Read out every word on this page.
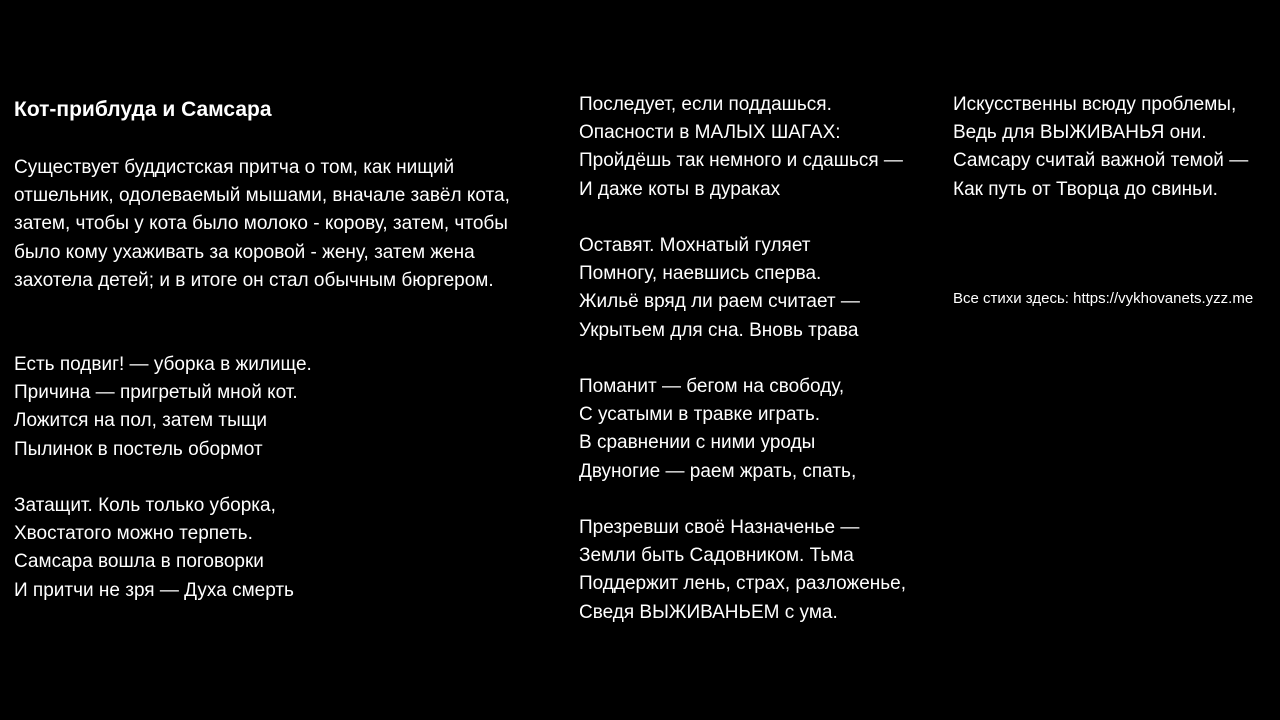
Кот-приблуда и Самсара
Существует буддистская притча о том, как нищий
отшельник, одолеваемый мышами, вначале завёл кота,
затем, чтобы у кота было молоко - корову, затем, чтобы
было кому ухаживать за коровой - жену, затем жена
захотела детей; и в итоге он стал обычным бюргером.
Есть подвиг! — уборка в жилище.
Причина — пригретый мной кот.
Ложится на пол, затем тыщи
Пылинок в постель обормот
Затащит. Коль только уборка,
Хвостатого можно терпеть.
Самсара вошла в поговорки
И притчи не зря — Духа смерть
Последует, если поддашься.
Опасности в МАЛЫХ ШАГАХ:
Пройдёшь так немного и сдашься —
И даже коты в дураках
Оставят. Мохнатый гуляет
Помногу, наевшись сперва.
Жильё вряд ли раем считает —
Укрытьем для сна. Вновь трава
Поманит — бегом на свободу,
С усатыми в травке играть.
В сравнении с ними уроды
Двуногие — раем жрать, спать,
Презревши своё Назначенье —
Земли быть Садовником. Тьма
Поддержит лень, страх, разложенье,
Сведя ВЫЖИВАНЬЕМ с ума.
Искусственны всюду проблемы,
Ведь для ВЫЖИВАНЬЯ они.
Самсару считай важной темой —
Как путь от Творца до свиньи.
Все стихи здесь: https://vykhovanets.yzz.me
